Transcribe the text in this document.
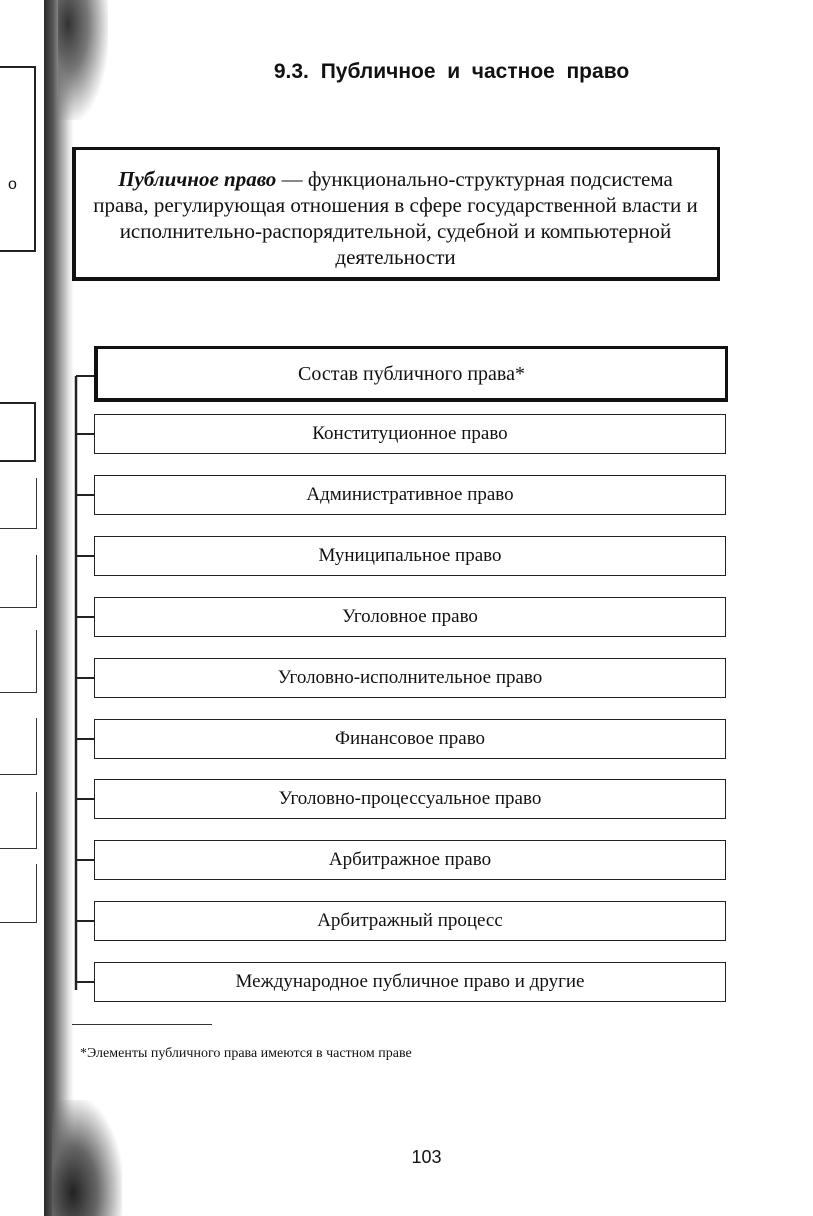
о
9.3. Публичное  и  частное  право
Публичное право — функционально-структурная подсистема права, регулирующая отношения в сфере государственной власти и исполнительно-распорядительной, судебной и компьютерной деятельности
Состав публичного права*
Конституционное право
Административное право
Муниципальное право
Уголовное право
Уголовно-исполнительное право
Финансовое право
Уголовно-процессуальное право
Арбитражное право
Арбитражный процесс
Международное публичное право и другие
*Элементы публичного права имеются в частном праве
103
